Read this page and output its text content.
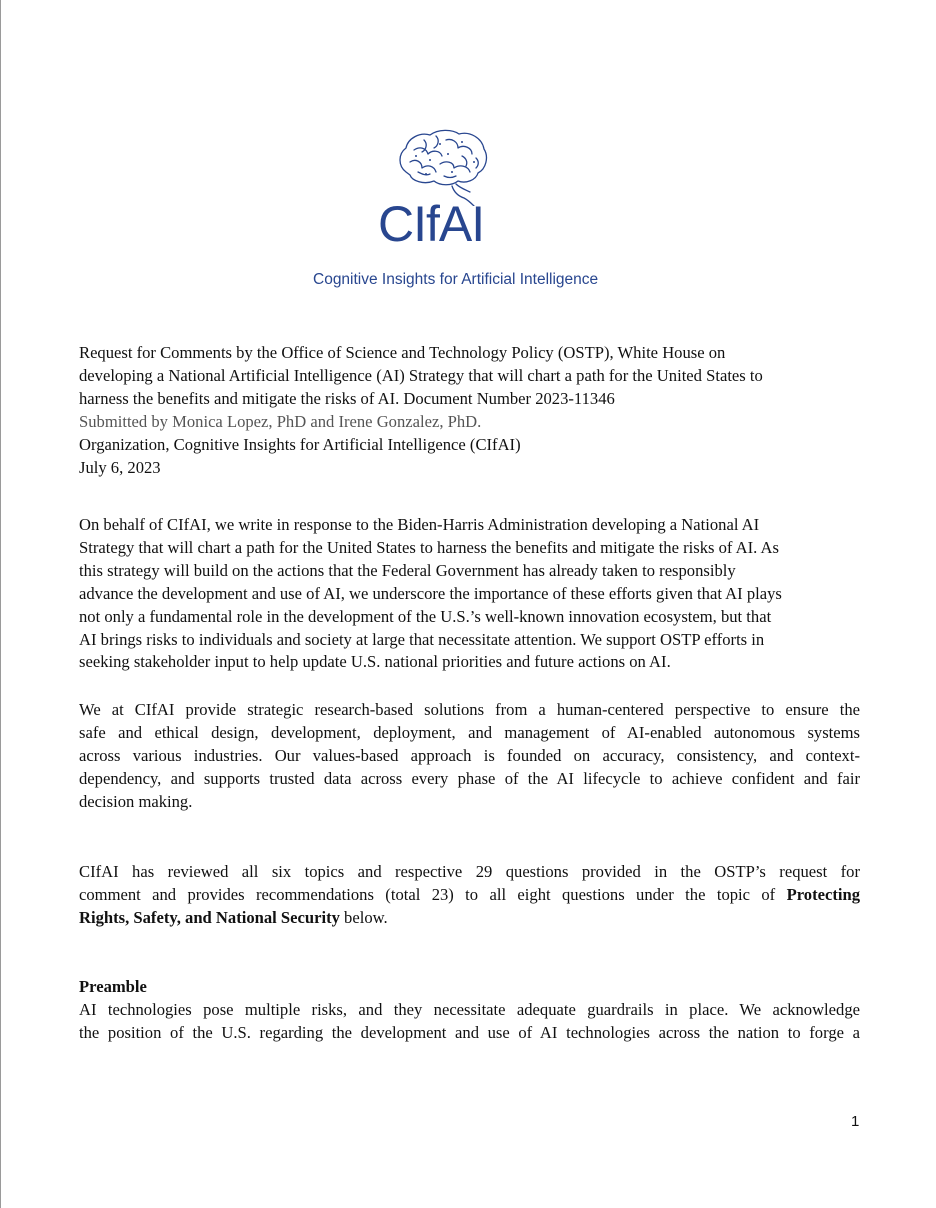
CIfAI
Cognitive Insights for Artificial Intelligence
Request for Comments by the Office of Science and Technology Policy (OSTP), White House on
developing a National Artificial Intelligence (AI) Strategy that will chart a path for the United States to
harness the benefits and mitigate the risks of AI. Document Number 2023-11346
Submitted by Monica Lopez, PhD and Irene Gonzalez, PhD.
Organization, Cognitive Insights for Artificial Intelligence (CIfAI)
July 6, 2023
On behalf of CIfAI, we write in response to the Biden-Harris Administration developing a National AI
Strategy that will chart a path for the United States to harness the benefits and mitigate the risks of AI. As
this strategy will build on the actions that the Federal Government has already taken to responsibly
advance the development and use of AI, we underscore the importance of these efforts given that AI plays
not only a fundamental role in the development of the U.S.’s well-known innovation ecosystem, but that
AI brings risks to individuals and society at large that necessitate attention. We support OSTP efforts in
seeking stakeholder input to help update U.S. national priorities and future actions on AI.
We at CIfAI provide strategic research-based solutions from a human-centered perspective to ensure the
safe and ethical design, development, deployment, and management of AI-enabled autonomous systems
across various industries. Our values-based approach is founded on accuracy, consistency, and context-
dependency, and supports trusted data across every phase of the AI lifecycle to achieve confident and fair
decision making.
CIfAI has reviewed all six topics and respective 29 questions provided in the OSTP’s request for
comment and provides recommendations (total 23) to all eight questions under the topic of Protecting
Rights, Safety, and National Security below.
Preamble
AI technologies pose multiple risks, and they necessitate adequate guardrails in place. We acknowledge
the position of the U.S. regarding the development and use of AI technologies across the nation to forge a
1
